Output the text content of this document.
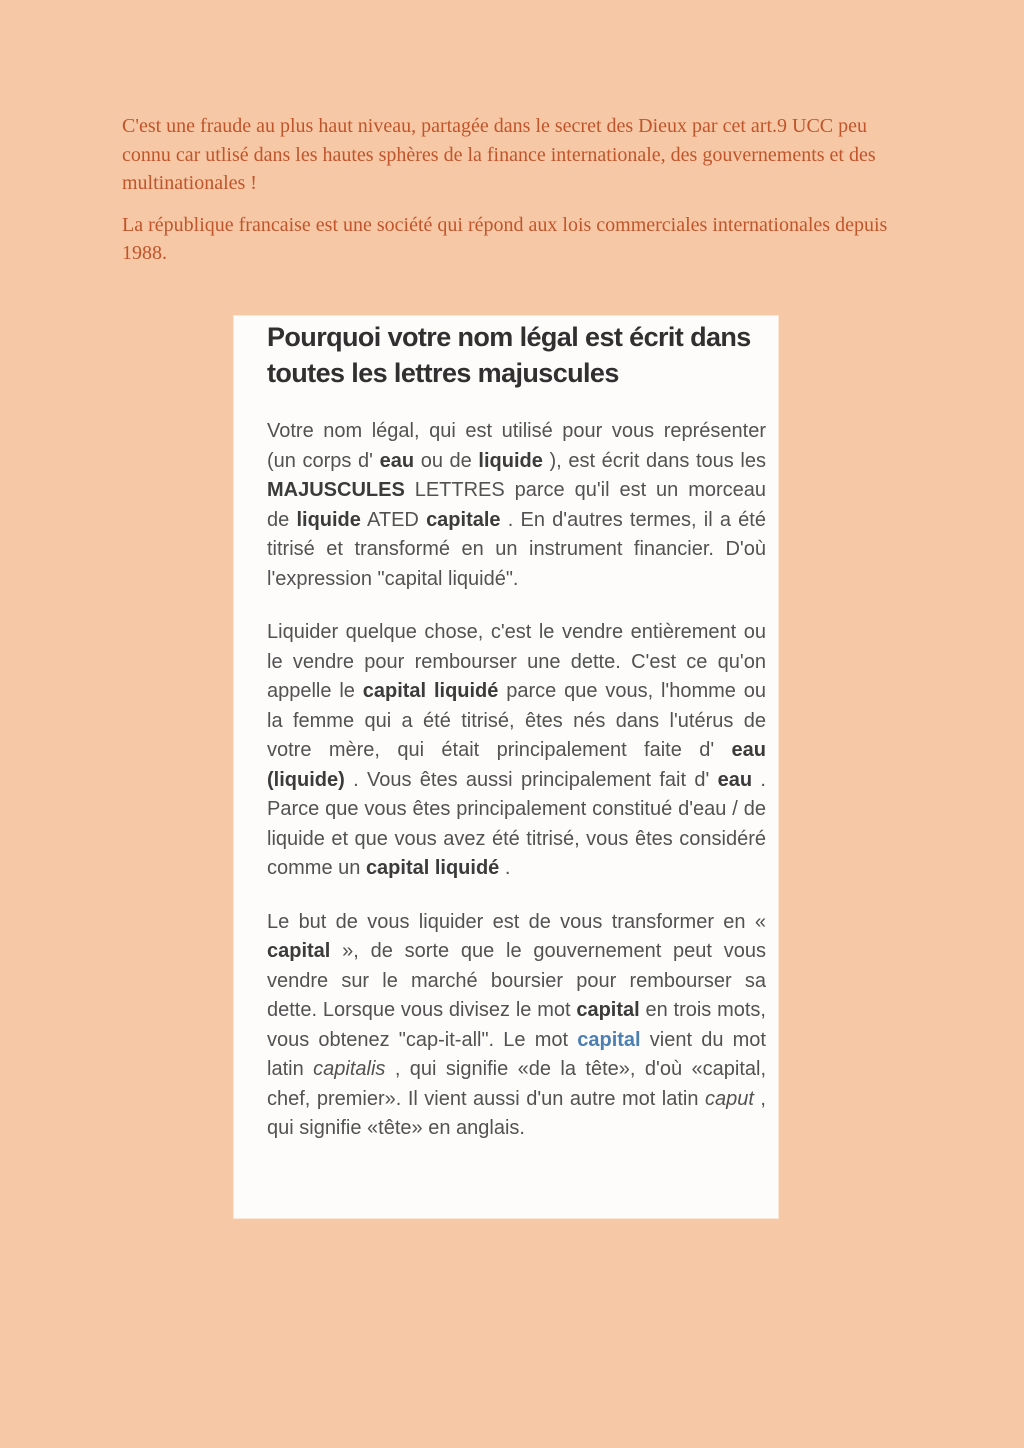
C'est une fraude au plus haut niveau, partagée dans le secret des Dieux par cet art.9 UCC peu connu car utlisé dans les hautes sphères de la finance internationale, des gouvernements et des multinationales !

La république francaise est une société qui répond aux lois commerciales internationales depuis 1988.

Pourquoi votre nom légal est écrit dans toutes les lettres majuscules

Votre nom légal, qui est utilisé pour vous représenter (un corps d' eau ou de liquide ), est écrit dans tous les MAJUSCULES LETTRES parce qu'il est un morceau de liquide ATED capitale . En d'autres termes, il a été titrisé et transformé en un instrument financier. D'où l'expression "capital liquidé".

Liquider quelque chose, c'est le vendre entièrement ou le vendre pour rembourser une dette. C'est ce qu'on appelle le capital liquidé parce que vous, l'homme ou la femme qui a été titrisé, êtes nés dans l'utérus de votre mère, qui était principalement faite d' eau (liquide) . Vous êtes aussi principalement fait d' eau . Parce que vous êtes principalement constitué d'eau / de liquide et que vous avez été titrisé, vous êtes considéré comme un capital liquidé .

Le but de vous liquider est de vous transformer en « capital », de sorte que le gouvernement peut vous vendre sur le marché boursier pour rembourser sa dette. Lorsque vous divisez le mot capital en trois mots, vous obtenez "cap-it-all". Le mot capital vient du mot latin capitalis , qui signifie «de la tête», d'où «capital, chef, premier». Il vient aussi d'un autre mot latin caput , qui signifie «tête» en anglais.
